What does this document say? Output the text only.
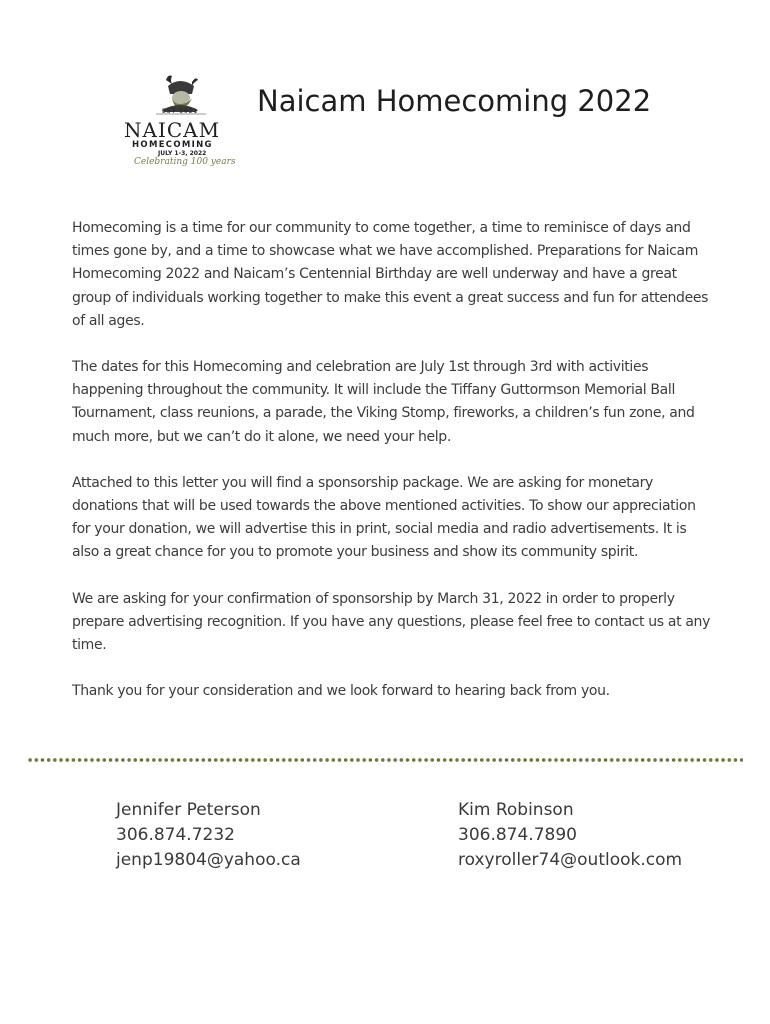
EST 1921
NAICAM
HOMECOMING
JULY 1-3, 2022
Celebrating 100 years
Naicam Homecoming 2022

Homecoming is a time for our community to come together, a time to reminisce of days and times gone by, and a time to showcase what we have accomplished. Preparations for Naicam Homecoming 2022 and Naicam’s Centennial Birthday are well underway and have a great group of individuals working together to make this event a great success and fun for attendees of all ages.

The dates for this Homecoming and celebration are July 1st through 3rd with activities happening throughout the community. It will include the Tiffany Guttormson Memorial Ball Tournament, class reunions, a parade, the Viking Stomp, fireworks, a children’s fun zone, and much more, but we can’t do it alone, we need your help.

Attached to this letter you will find a sponsorship package. We are asking for monetary donations that will be used towards the above mentioned activities. To show our appreciation for your donation, we will advertise this in print, social media and radio advertisements. It is also a great chance for you to promote your business and show its community spirit.

We are asking for your confirmation of sponsorship by March 31, 2022 in order to properly prepare advertising recognition. If you have any questions, please feel free to contact us at any time.

Thank you for your consideration and we look forward to hearing back from you.

Jennifer Peterson
306.874.7232
jenp19804@yahoo.ca
Kim Robinson
306.874.7890
roxyroller74@outlook.com
